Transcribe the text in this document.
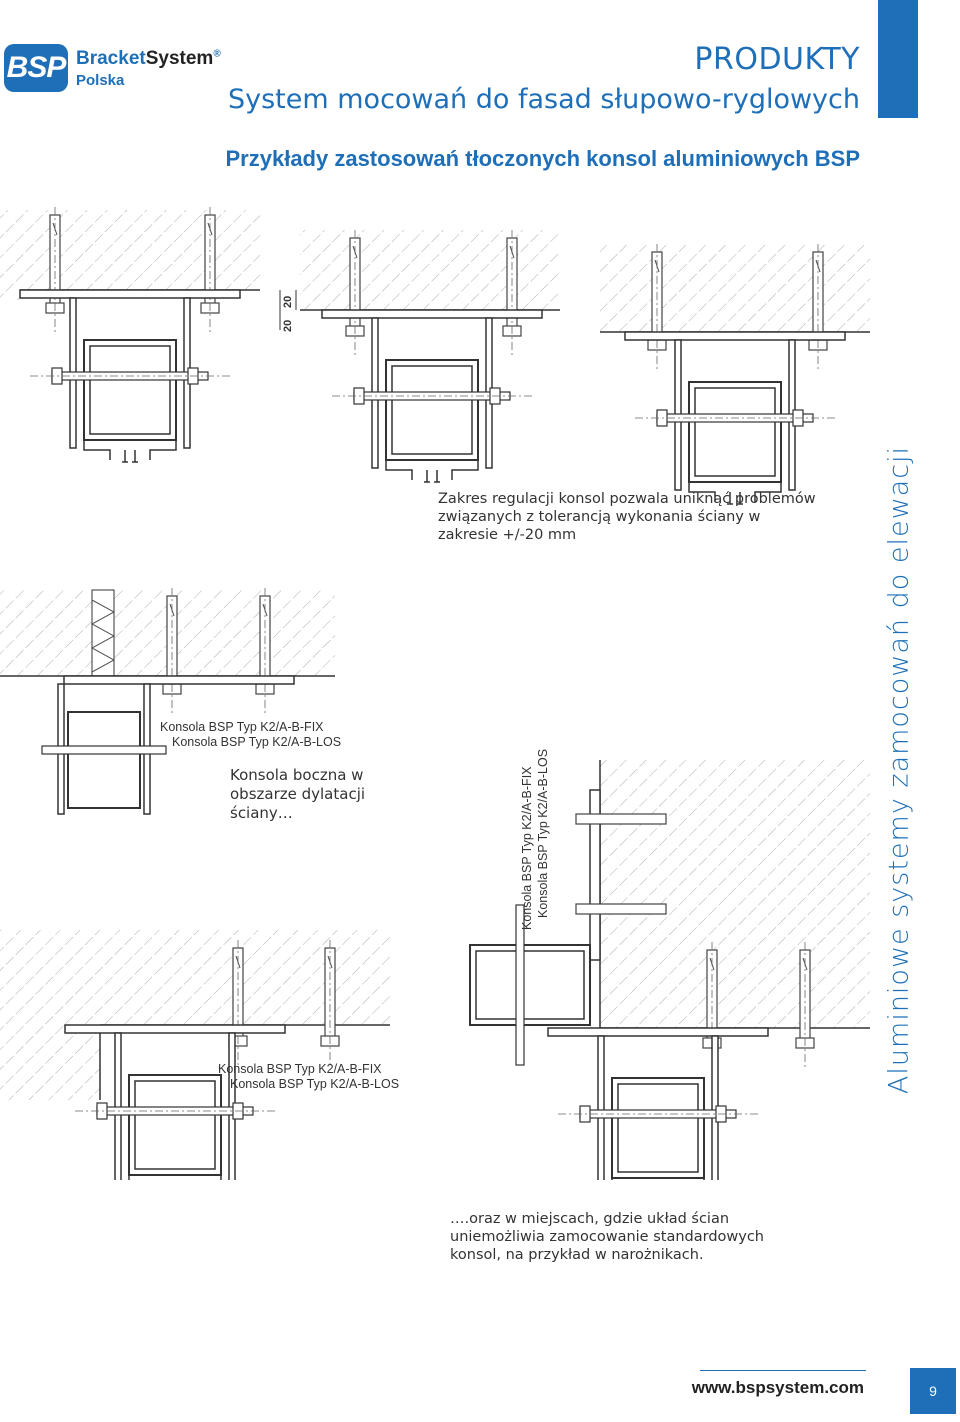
BSP BracketSystem®
Polska
PRODUKTY
System mocowań do fasad słupowo-ryglowych
Przykłady zastosowań tłoczonych konsol aluminiowych BSP
Aluminiowe systemy zamocowań do elewacji
20
20
Zakres regulacji konsol pozwala uniknąć problemów związanych z tolerancją wykonania ściany w zakresie +/-20 mm
Konsola boczna w obszarze dylatacji ściany…
….oraz w miejscach, gdzie układ ścian uniemożliwia zamocowanie standardowych konsol, na przykład w narożnikach.
Konsola BSP Typ K2/A-B-FIX
Konsola BSP Typ K2/A-B-LOS
Konsola BSP Typ K2/A-B-FIX
Konsola BSP Typ K2/A-B-LOS
Konsola BSP Typ K2/A-B-FIX Konsola BSP Typ K2/A-B-LOS
www.bspsystem.com	9
